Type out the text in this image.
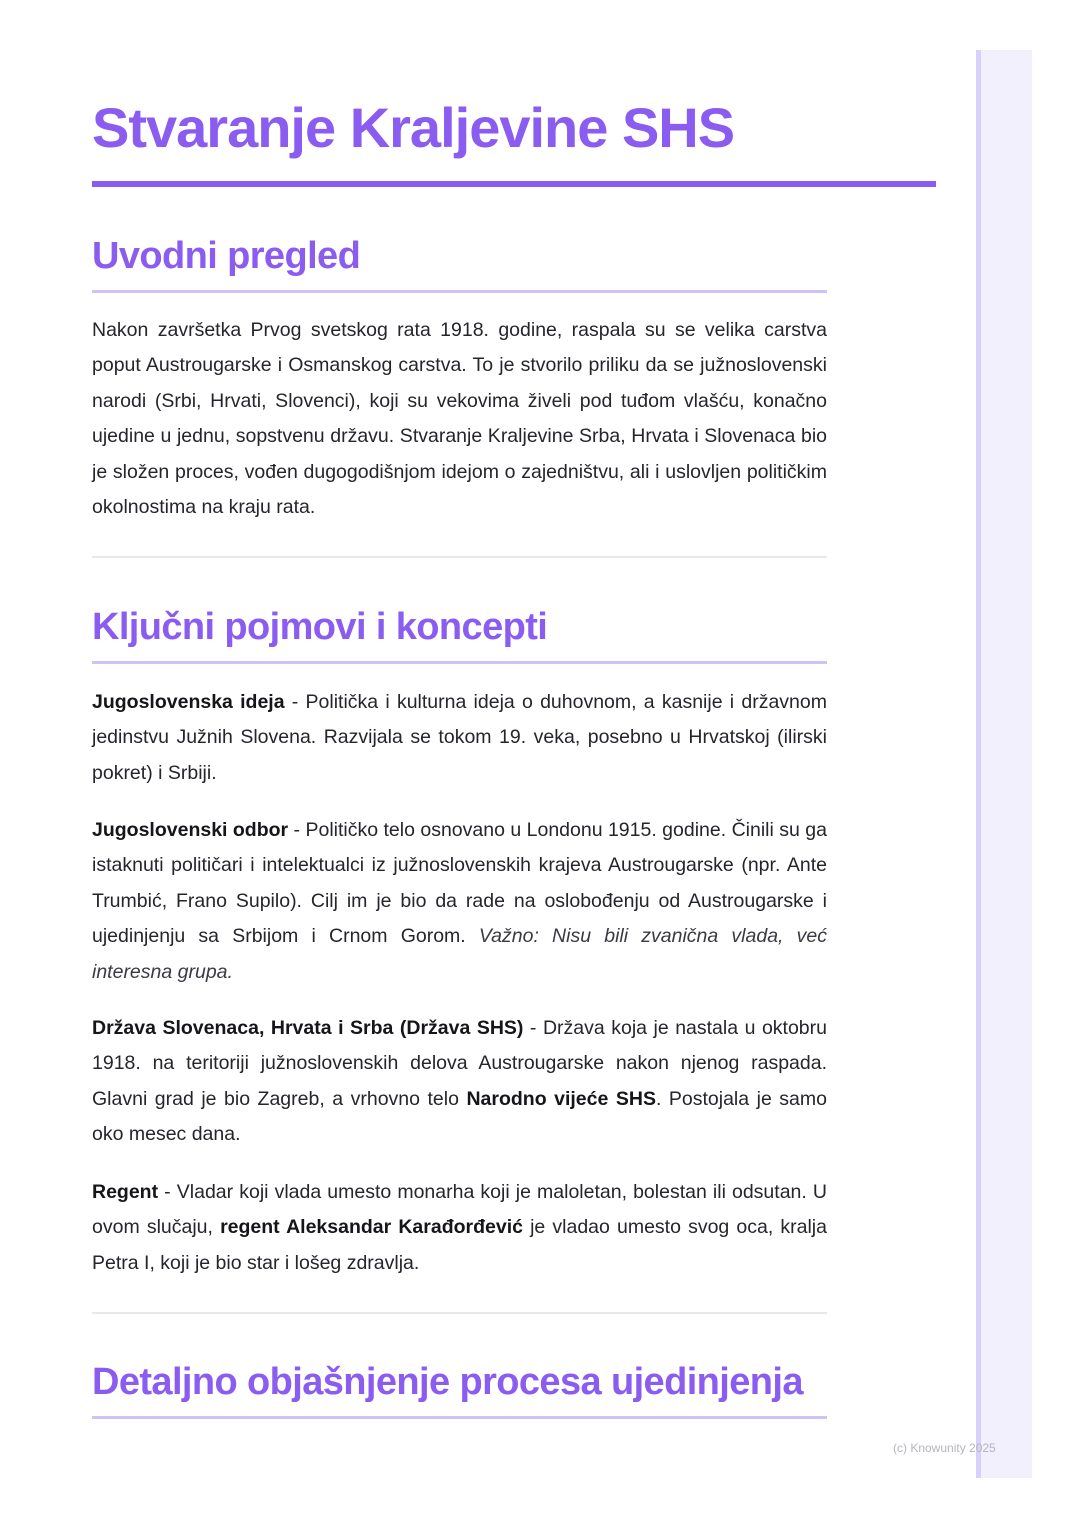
Stvaranje Kraljevine SHS
Uvodni pregled

Nakon završetka Prvog svetskog rata 1918. godine, raspala su se velika carstva poput Austrougarske i Osmanskog carstva. To je stvorilo priliku da se južnoslovenski narodi (Srbi, Hrvati, Slovenci), koji su vekovima živeli pod tuđom vlašću, konačno ujedine u jednu, sopstvenu državu. Stvaranje Kraljevine Srba, Hrvata i Slovenaca bio je složen proces, vođen dugogodišnjom idejom o zajedništvu, ali i uslovljen političkim okolnostima na kraju rata.

Ključni pojmovi i koncepti

Jugoslovenska ideja - Politička i kulturna ideja o duhovnom, a kasnije i državnom jedinstvu Južnih Slovena. Razvijala se tokom 19. veka, posebno u Hrvatskoj (ilirski pokret) i Srbiji.

Jugoslovenski odbor - Političko telo osnovano u Londonu 1915. godine. Činili su ga istaknuti političari i intelektualci iz južnoslovenskih krajeva Austrougarske (npr. Ante Trumbić, Frano Supilo). Cilj im je bio da rade na oslobođenju od Austrougarske i ujedinjenju sa Srbijom i Crnom Gorom. Važno: Nisu bili zvanična vlada, već interesna grupa.

Država Slovenaca, Hrvata i Srba (Država SHS) - Država koja je nastala u oktobru 1918. na teritoriji južnoslovenskih delova Austrougarske nakon njenog raspada. Glavni grad je bio Zagreb, a vrhovno telo Narodno vijeće SHS. Postojala je samo oko mesec dana.

Regent - Vladar koji vlada umesto monarha koji je maloletan, bolestan ili odsutan. U ovom slučaju, regent Aleksandar Karađorđević je vladao umesto svog oca, kralja Petra I, koji je bio star i lošeg zdravlja.

Detaljno objašnjenje procesa ujedinjenja
(c) Knowunity 2025
